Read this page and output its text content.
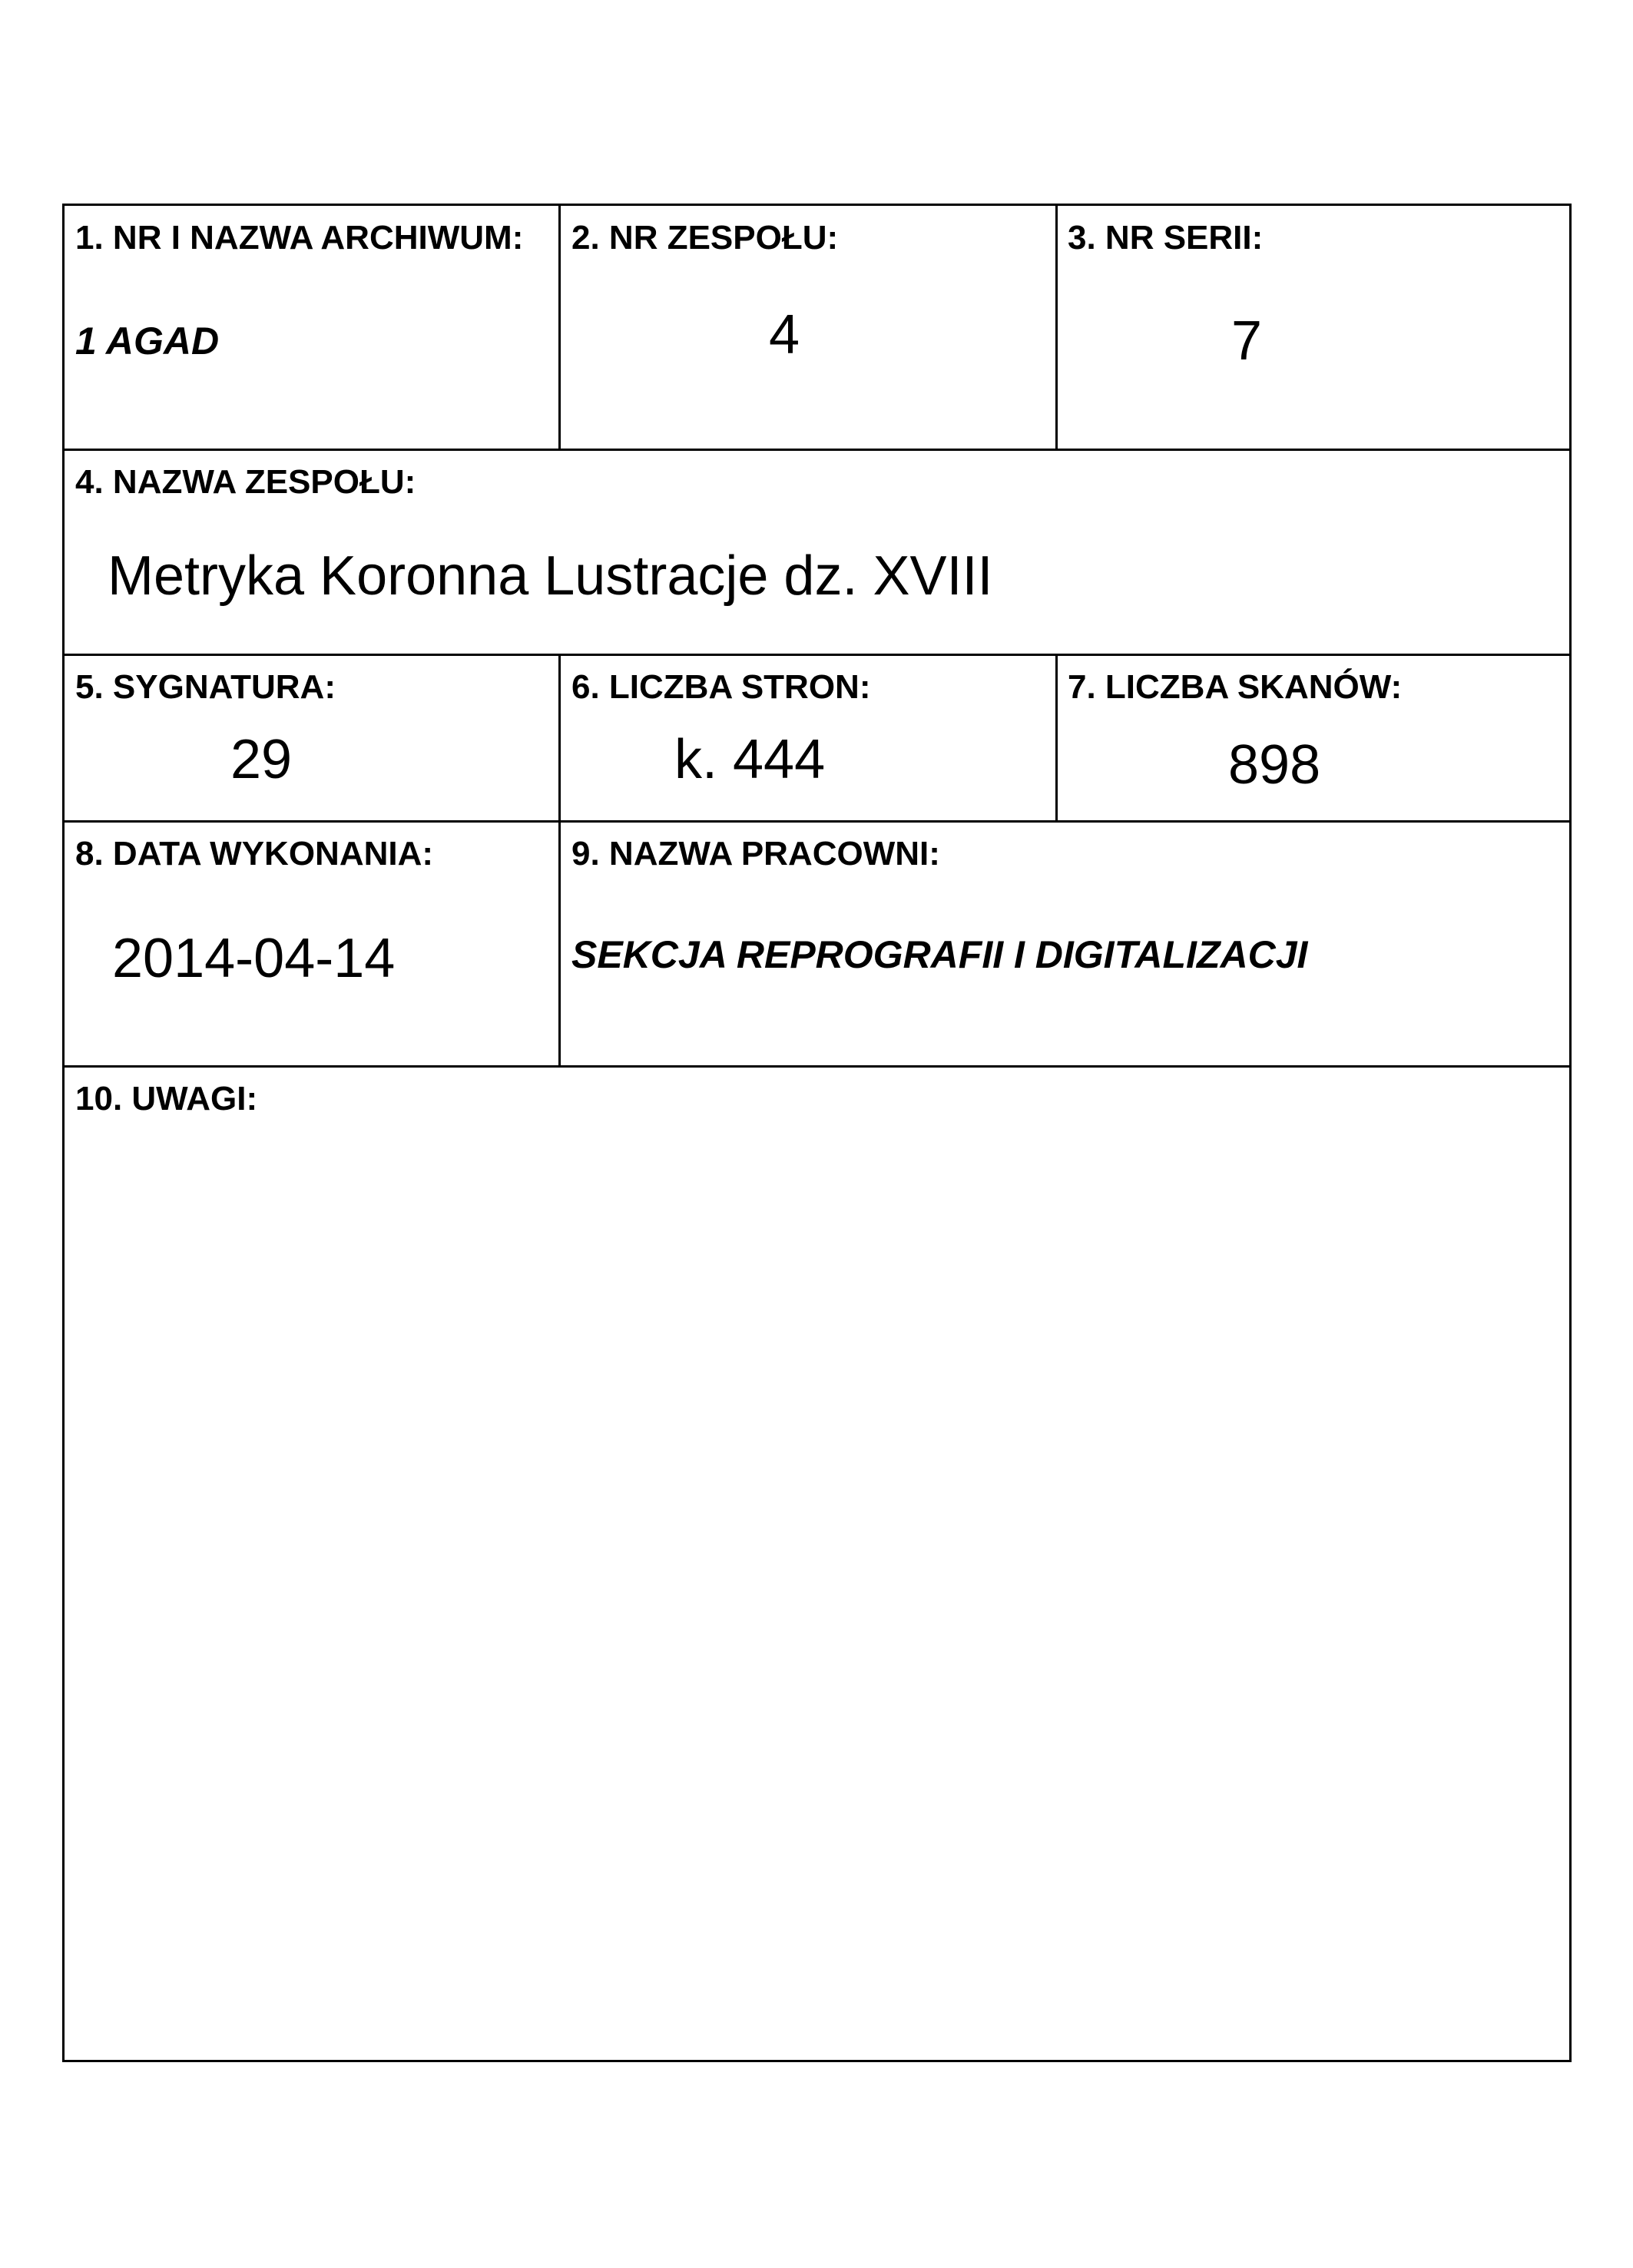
1. NR I NAZWA ARCHIWUM:
1 AGAD
2. NR ZESPOŁU:
4
3. NR SERII:
7
4. NAZWA ZESPOŁU:
Metryka Koronna Lustracje dz. XVIII
5. SYGNATURA:
29
6. LICZBA STRON:
k. 444
7. LICZBA SKANÓW:
898
8. DATA WYKONANIA:
2014-04-14
9. NAZWA PRACOWNI:
SEKCJA REPROGRAFII I DIGITALIZACJI
10. UWAGI:
